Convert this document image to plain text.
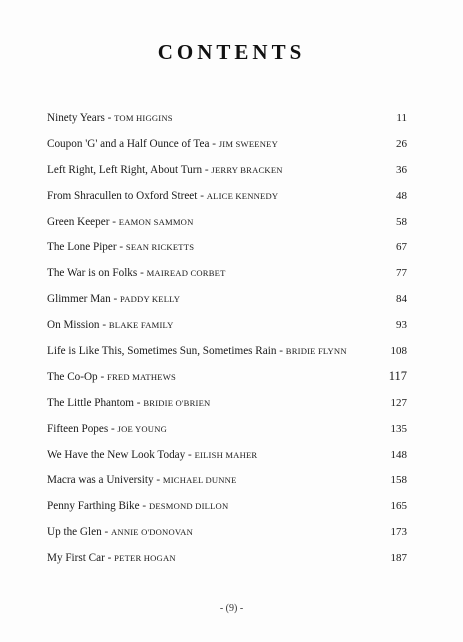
CONTENTS
Ninety Years - TOM HIGGINS	11
Coupon 'G' and a Half Ounce of Tea - JIM SWEENEY	26
Left Right, Left Right, About Turn - JERRY BRACKEN	36
From Shracullen to Oxford Street - ALICE KENNEDY	48
Green Keeper - EAMON SAMMON	58
The Lone Piper - SEAN RICKETTS	67
The War is on Folks - MAIREAD CORBET	77
Glimmer Man - PADDY KELLY	84
On Mission - BLAKE FAMILY	93
Life is Like This, Sometimes Sun, Sometimes Rain - BRIDIE FLYNN	108
The Co-Op - FRED MATHEWS	117
The Little Phantom - BRIDIE O'BRIEN	127
Fifteen Popes - JOE YOUNG	135
We Have the New Look Today - EILISH MAHER	148
Macra was a University - MICHAEL DUNNE	158
Penny Farthing Bike - DESMOND DILLON	165
Up the Glen - ANNIE O'DONOVAN	173
My First Car - PETER HOGAN	187
- (9) -
